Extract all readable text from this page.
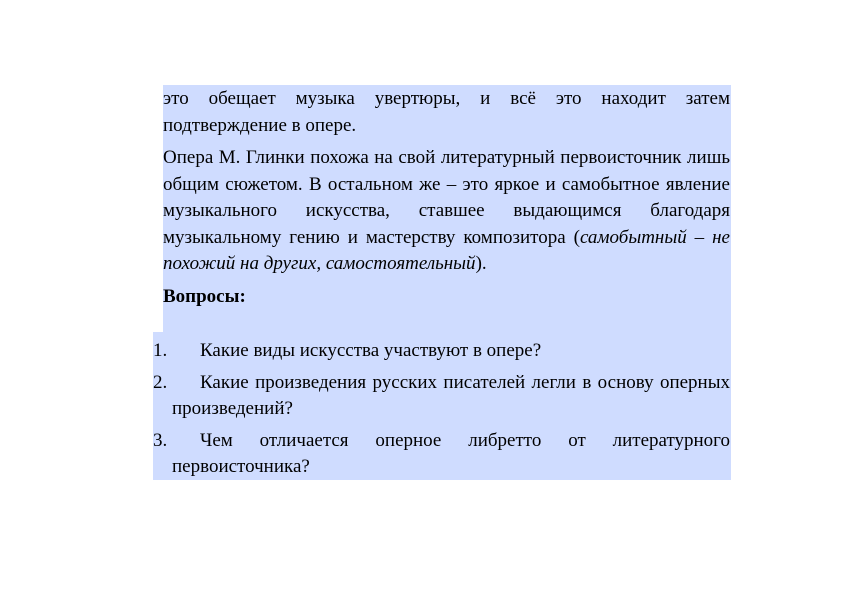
это обещает музыка увертюры, и всё это находит затем подтверждение в опере.

Опера М. Глинки похожа на свой литературный первоисточник лишь общим сюжетом. В остальном же – это яркое и самобытное явление музыкального искусства, ставшее выдающимся благодаря музыкальному гению и мастерству композитора (самобытный – не похожий на других, самостоятельный).

Вопросы:

1.	Какие виды искусства участвуют в опере?
2.	Какие произведения русских писателей легли в основу оперных произведений?
3.	Чем отличается оперное либретто от литературного первоисточника?
